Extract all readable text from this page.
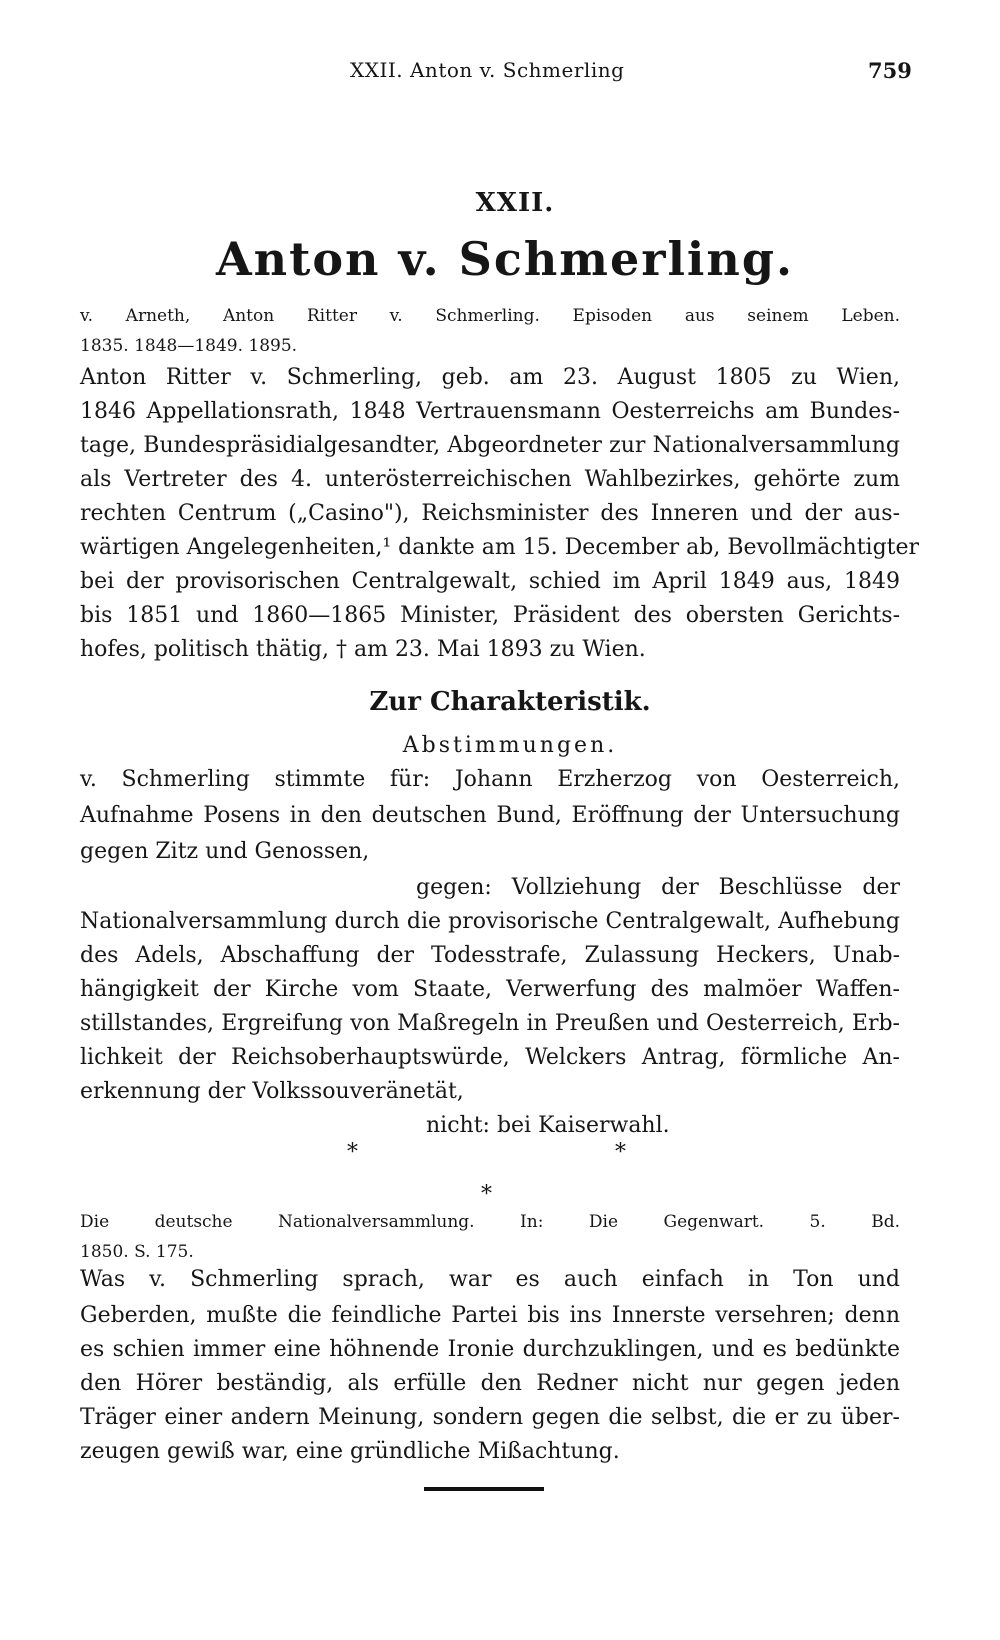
XXII. Anton v. Schmerling	759
XXII.
Anton v. Schmerling.
v. Arneth, Anton Ritter v. Schmerling. Episoden aus seinem Leben.
1835. 1848—1849. 1895.
Anton Ritter v. Schmerling, geb. am 23. August 1805 zu Wien,
1846 Appellationsrath, 1848 Vertrauensmann Oesterreichs am Bundes-
tage, Bundespräsidialgesandter, Abgeordneter zur Nationalversammlung
als Vertreter des 4. unterösterreichischen Wahlbezirkes, gehörte zum
rechten Centrum („Casino"), Reichsminister des Inneren und der aus-
wärtigen Angelegenheiten,¹ dankte am 15. December ab, Bevollmächtigter
bei der provisorischen Centralgewalt, schied im April 1849 aus, 1849
bis 1851 und 1860—1865 Minister, Präsident des obersten Gerichts-
hofes, politisch thätig, † am 23. Mai 1893 zu Wien.
Zur Charakteristik.
Abstimmungen.
v. Schmerling stimmte für: Johann Erzherzog von Oesterreich,
Aufnahme Posens in den deutschen Bund, Eröffnung der Untersuchung
gegen Zitz und Genossen,
gegen: Vollziehung der Beschlüsse der
Nationalversammlung durch die provisorische Centralgewalt, Aufhebung
des Adels, Abschaffung der Todesstrafe, Zulassung Heckers, Unab-
hängigkeit der Kirche vom Staate, Verwerfung des malmöer Waffen-
stillstandes, Ergreifung von Maßregeln in Preußen und Oesterreich, Erb-
lichkeit der Reichsoberhauptswürde, Welckers Antrag, förmliche An-
erkennung der Volkssouveränetät,
nicht: bei Kaiserwahl.
*	*
*
Die deutsche Nationalversammlung. In: Die Gegenwart. 5. Bd.
1850. S. 175.
Was v. Schmerling sprach, war es auch einfach in Ton und
Geberden, mußte die feindliche Partei bis ins Innerste versehren; denn
es schien immer eine höhnende Ironie durchzuklingen, und es bedünkte
den Hörer beständig, als erfülle den Redner nicht nur gegen jeden
Träger einer andern Meinung, sondern gegen die selbst, die er zu über-
zeugen gewiß war, eine gründliche Mißachtung.
